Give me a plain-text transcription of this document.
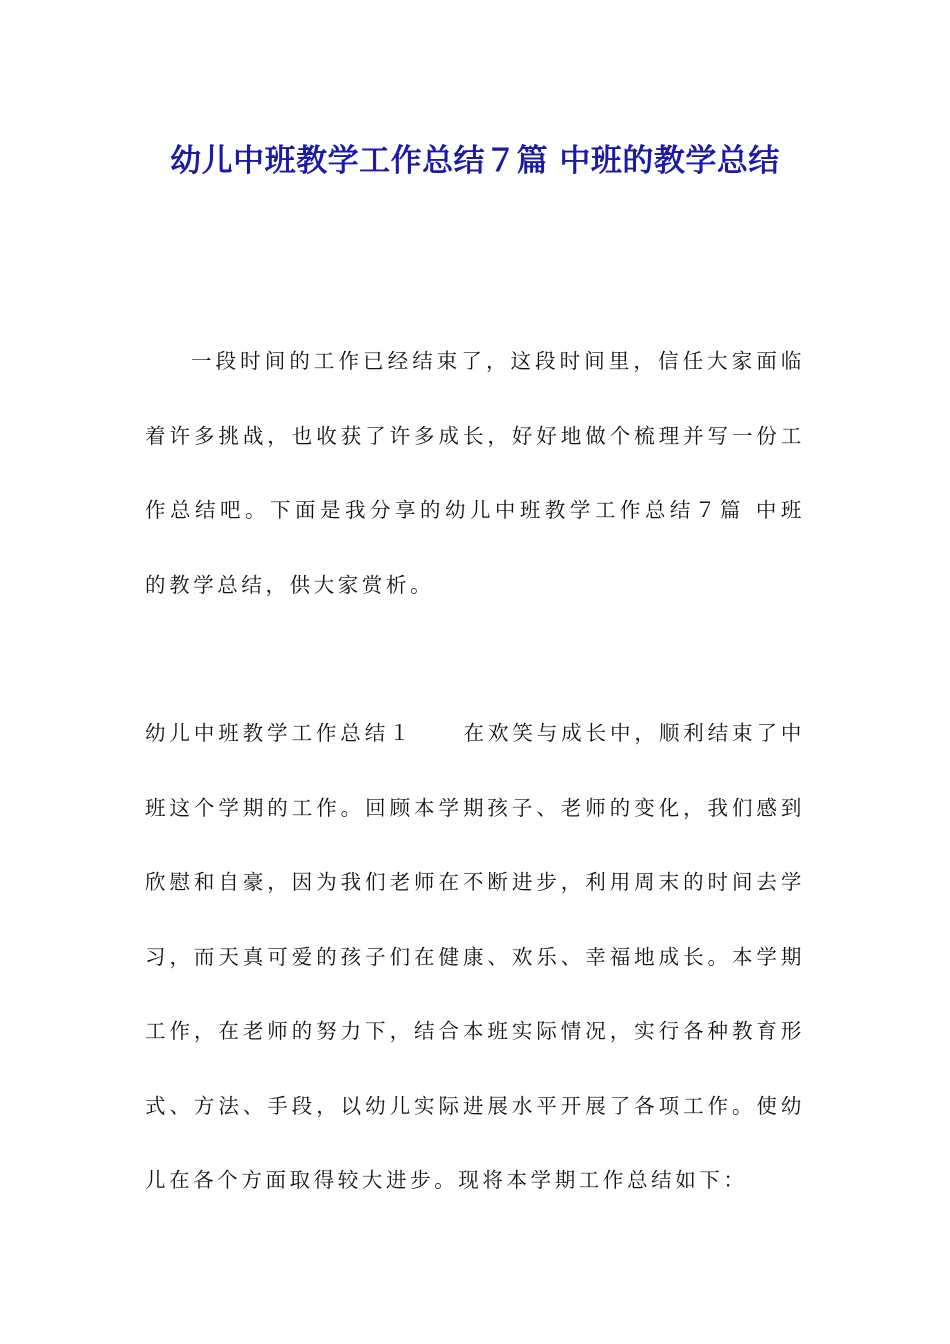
幼儿中班教学工作总结７篇 中班的教学总结

一段时间的工作已经结束了，这段时间里，信任大家面临着许多挑战，也收获了许多成长，好好地做个梳理并写一份工作总结吧。下面是我分享的幼儿中班教学工作总结７篇 中班的教学总结，供大家赏析。

幼儿中班教学工作总结１ 在欢笑与成长中，顺利结束了中班这个学期的工作。回顾本学期孩子、老师的变化，我们感到欣慰和自豪，因为我们老师在不断进步，利用周末的时间去学习，而天真可爱的孩子们在健康、欢乐、幸福地成长。本学期工作，在老师的努力下，结合本班实际情况，实行各种教育形式、方法、手段，以幼儿实际进展水平开展了各项工作。使幼儿在各个方面取得较大进步。现将本学期工作总结如下：
